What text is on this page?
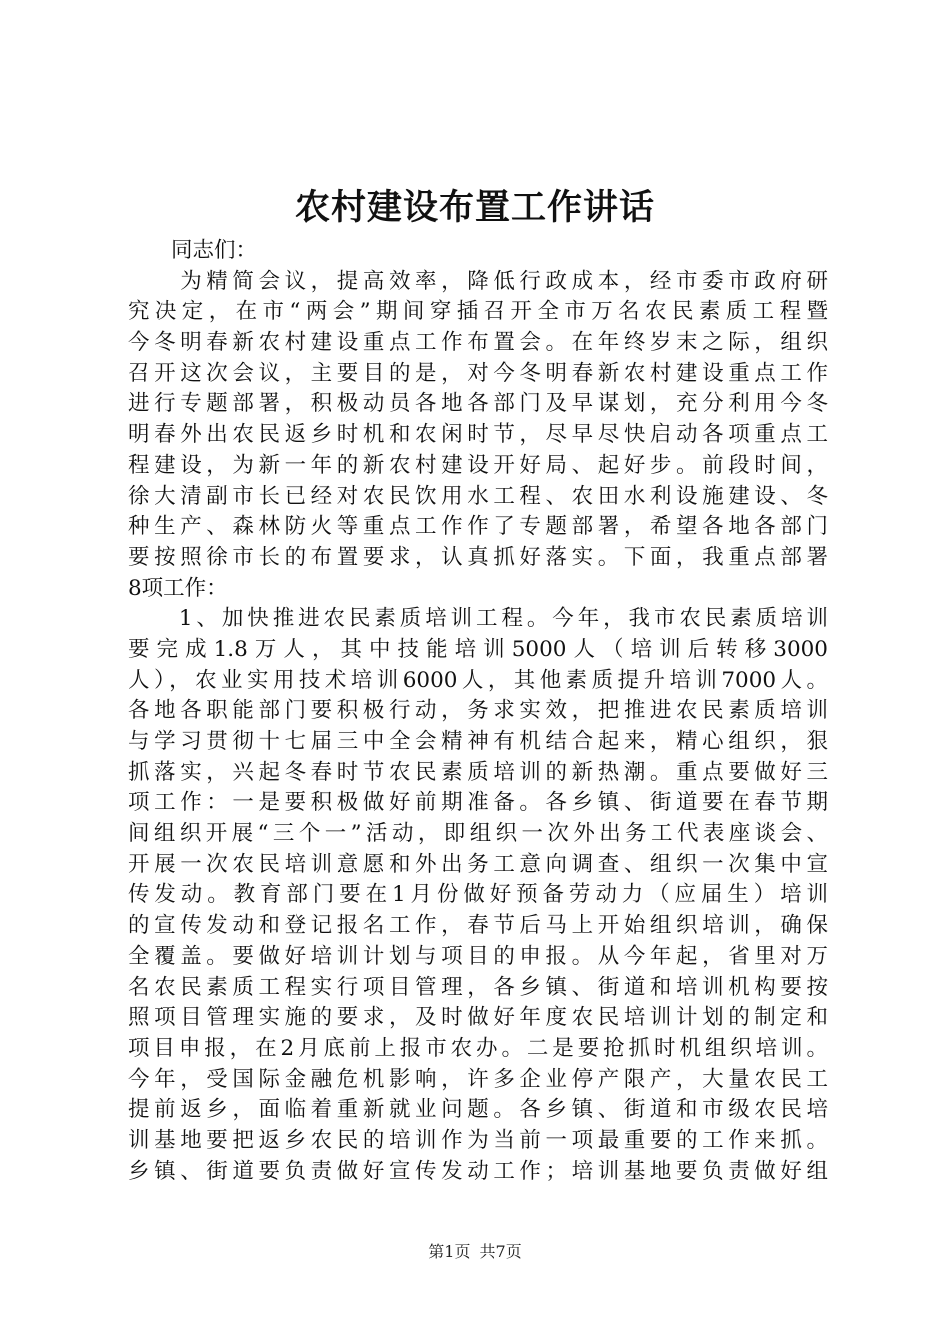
农村建设布置工作讲话
　　同志们：
　　为精简会议，提高效率，降低行政成本，经市委市政府研
究决定，在市“两会”期间穿插召开全市万名农民素质工程暨
今冬明春新农村建设重点工作布置会。在年终岁末之际，组织
召开这次会议，主要目的是，对今冬明春新农村建设重点工作
进行专题部署，积极动员各地各部门及早谋划，充分利用今冬
明春外出农民返乡时机和农闲时节，尽早尽快启动各项重点工
程建设，为新一年的新农村建设开好局、起好步。前段时间，
徐大清副市长已经对农民饮用水工程、农田水利设施建设、冬
种生产、森林防火等重点工作作了专题部署，希望各地各部门
要按照徐市长的布置要求，认真抓好落实。下面，我重点部署
8项工作：
　　1、加快推进农民素质培训工程。今年，我市农民素质培训
要完成1.8万人，其中技能培训5000人（培训后转移3000
人），农业实用技术培训6000人，其他素质提升培训7000人。
各地各职能部门要积极行动，务求实效，把推进农民素质培训
与学习贯彻十七届三中全会精神有机结合起来，精心组织，狠
抓落实，兴起冬春时节农民素质培训的新热潮。重点要做好三
项工作：一是要积极做好前期准备。各乡镇、街道要在春节期
间组织开展“三个一”活动，即组织一次外出务工代表座谈会、
开展一次农民培训意愿和外出务工意向调查、组织一次集中宣
传发动。教育部门要在1月份做好预备劳动力（应届生）培训
的宣传发动和登记报名工作，春节后马上开始组织培训，确保
全覆盖。要做好培训计划与项目的申报。从今年起，省里对万
名农民素质工程实行项目管理，各乡镇、街道和培训机构要按
照项目管理实施的要求，及时做好年度农民培训计划的制定和
项目申报，在2月底前上报市农办。二是要抢抓时机组织培训。
今年，受国际金融危机影响，许多企业停产限产，大量农民工
提前返乡，面临着重新就业问题。各乡镇、街道和市级农民培
训基地要把返乡农民的培训作为当前一项最重要的工作来抓。
乡镇、街道要负责做好宣传发动工作；培训基地要负责做好组
第1页 共7页
